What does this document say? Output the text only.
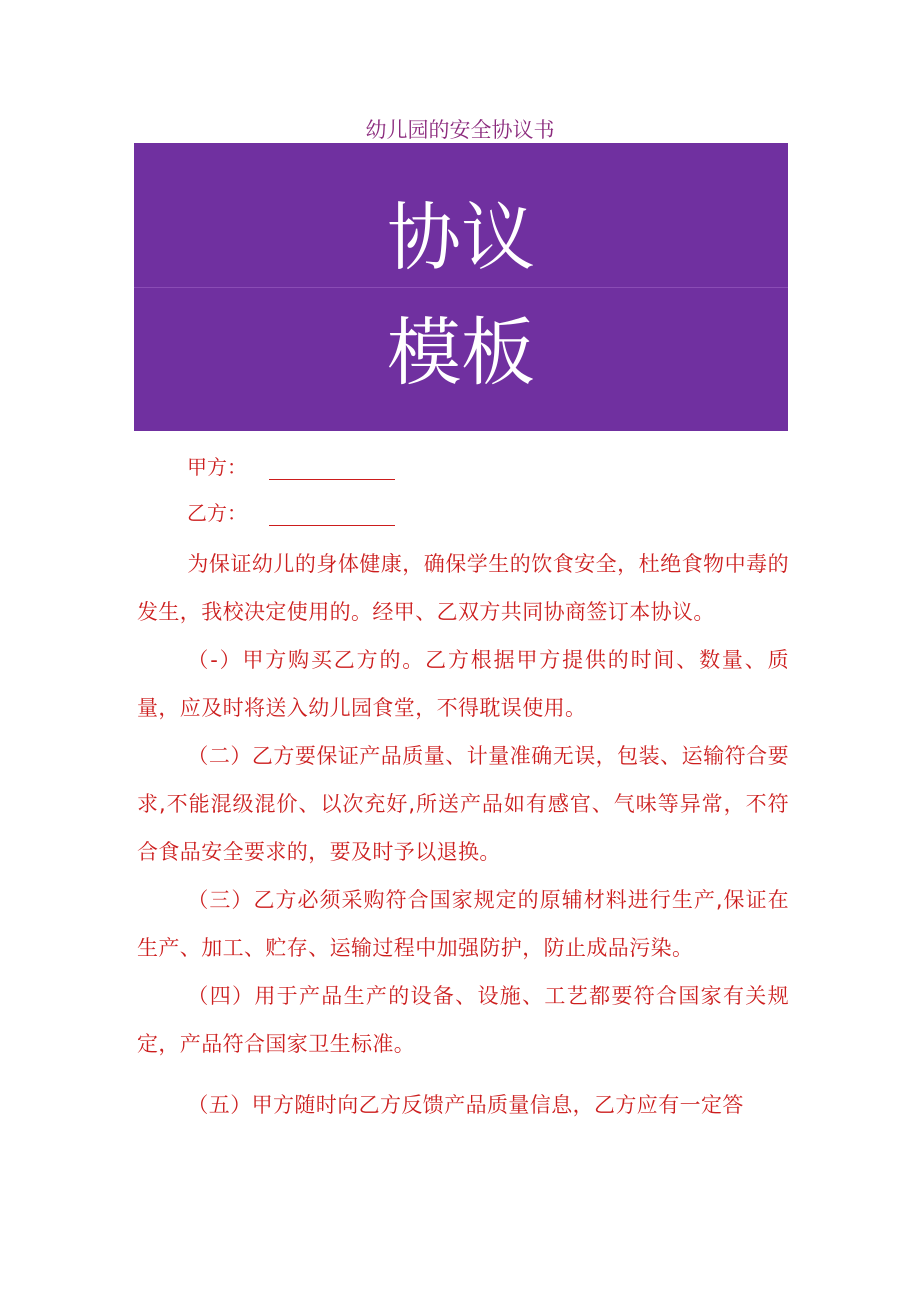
幼儿园的安全协议书
协议
模板
甲方：
乙方：

为保证幼儿的身体健康，确保学生的饮食安全，杜绝食物中毒的发生，我校决定使用的。经甲、乙双方共同协商签订本协议。

（-）甲方购买乙方的。乙方根据甲方提供的时间、数量、质量，应及时将送入幼儿园食堂，不得耽误使用。

（二）乙方要保证产品质量、计量准确无误，包装、运输符合要求,不能混级混价、以次充好,所送产品如有感官、气味等异常，不符合食品安全要求的，要及时予以退换。

（三）乙方必须采购符合国家规定的原辅材料进行生产,保证在生产、加工、贮存、运输过程中加强防护，防止成品污染。

（四）用于产品生产的设备、设施、工艺都要符合国家有关规定，产品符合国家卫生标准。

（五）甲方随时向乙方反馈产品质量信息，乙方应有一定答
